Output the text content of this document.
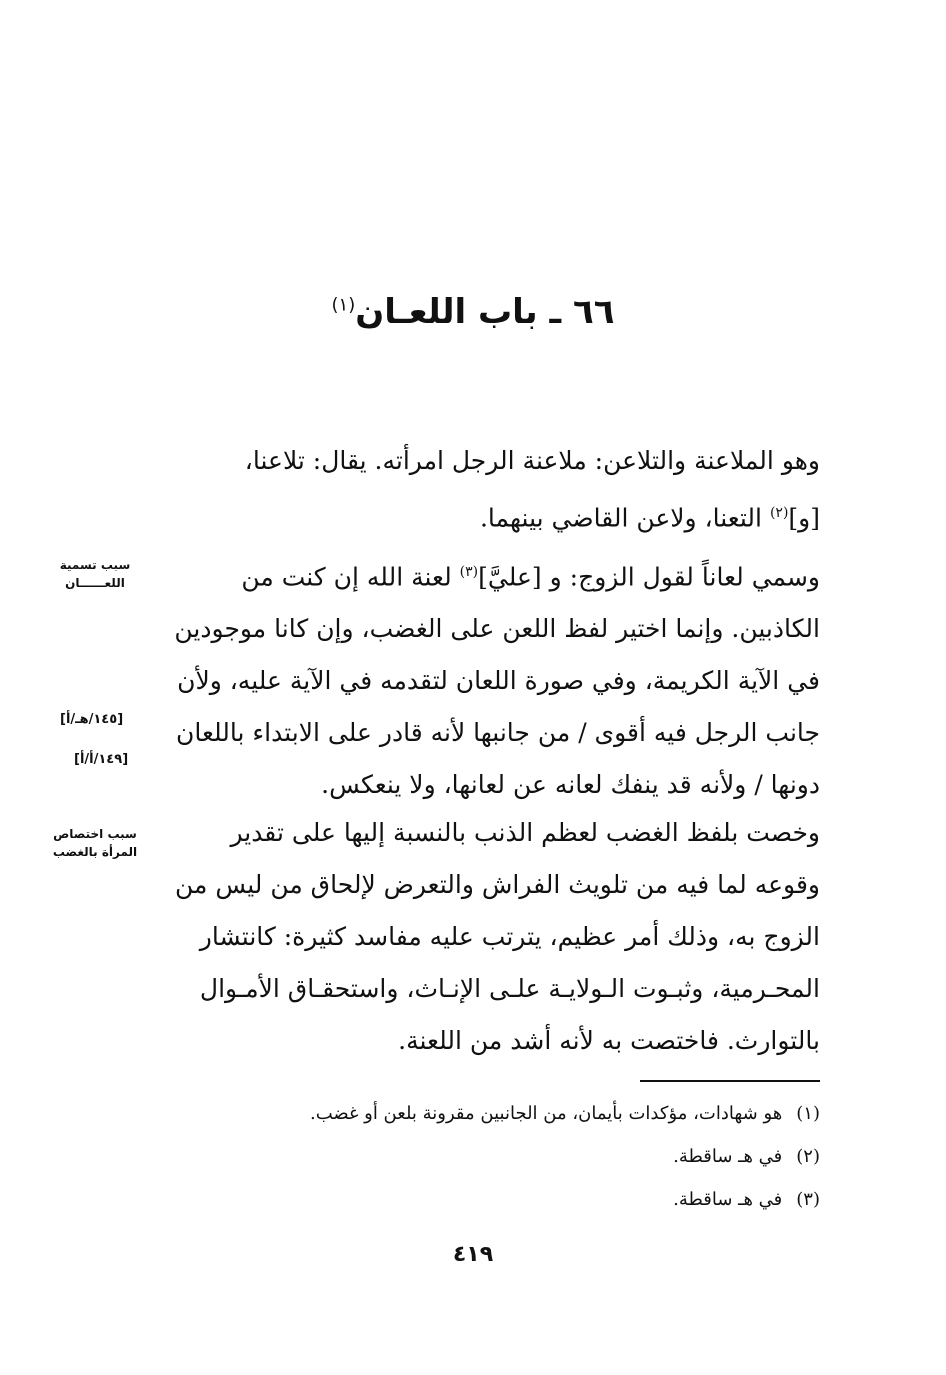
٦٦ ـ باب اللعـان$^{(١)}$
وهو الملاعنة والتلاعن: ملاعنة الرجل امرأته. يقال: تلاعنا،
[و]$^{(٢)}$ التعنا، ولاعن القاضي بينهما.
وسمي لعاناً لقول الزوج: و [عليَّ]$^{(٣)}$ لعنة الله إن كنت من
الكاذبين. وإنما اختير لفظ اللعن على الغضب، وإن كانا موجودين
في الآية الكريمة، وفي صورة اللعان لتقدمه في الآية عليه، ولأن
جانب الرجل فيه أقوى / من جانبها لأنه قادر على الابتداء باللعان
دونها / ولأنه قد ينفك لعانه عن لعانها، ولا ينعكس.
وخصت بلفظ الغضب لعظم الذنب بالنسبة إليها على تقدير
وقوعه لما فيه من تلويث الفراش والتعرض لإلحاق من ليس من
الزوج به، وذلك أمر عظيم، يترتب عليه مفاسد كثيرة: كانتشار
المحـرمية، وثبـوت الـولايـة علـى الإنـاث، واستحقـاق الأمـوال
بالتوارث. فاختصت به لأنه أشد من اللعنة.
سبب تسمية
اللعــــــان
سبب اختصاص
المرأة بالغضب
[١٤٥/هـ/أ]
[١٤٩/أ/أ]
(١)هو شهادات، مؤكدات بأيمان، من الجانبين مقرونة بلعن أو غضب.
(٢)في هـ ساقطة.
(٣)في هـ ساقطة.
٤١٩
